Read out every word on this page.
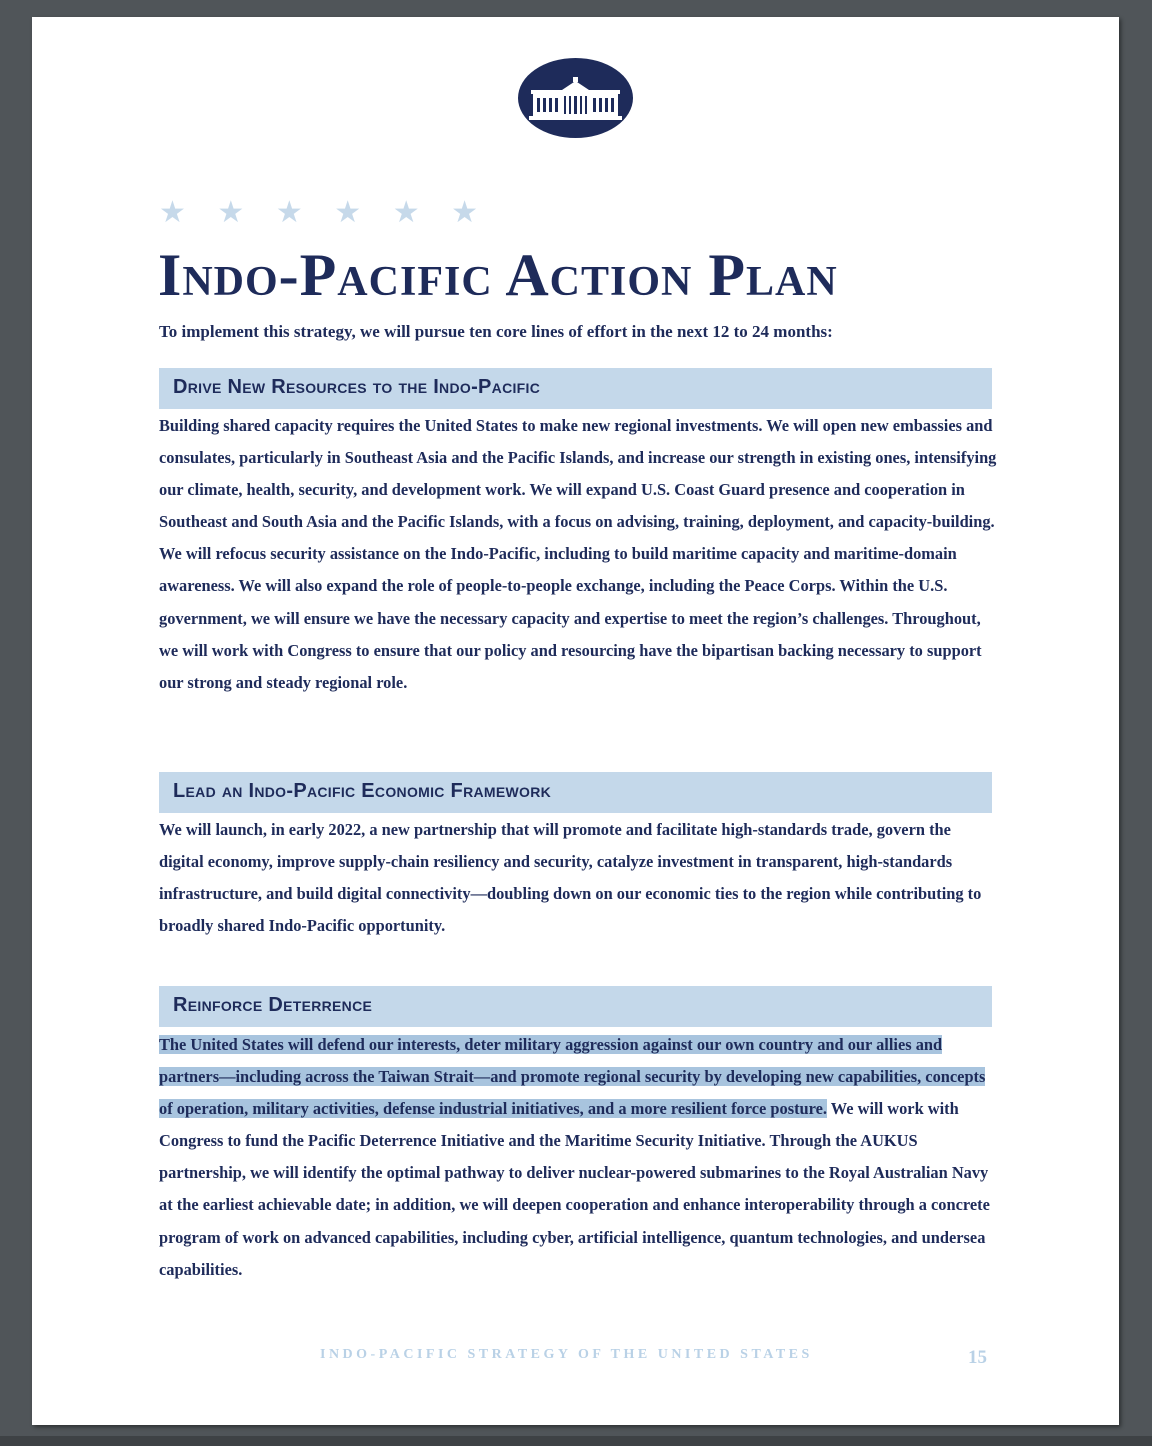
★ ★ ★ ★ ★ ★
Indo-Pacific Action Plan

To implement this strategy, we will pursue ten core lines of effort in the next 12 to 24 months:

Drive New Resources to the Indo-Pacific

Building shared capacity requires the United States to make new regional investments. We will open new embassies and consulates, particularly in Southeast Asia and the Pacific Islands, and increase our strength in existing ones, intensifying our climate, health, security, and development work. We will expand U.S. Coast Guard presence and cooperation in Southeast and South Asia and the Pacific Islands, with a focus on advising, training, deployment, and capacity-building. We will refocus security assistance on the Indo-Pacific, including to build maritime capacity and maritime-domain awareness. We will also expand the role of people-to-people exchange, including the Peace Corps. Within the U.S. government, we will ensure we have the necessary capacity and expertise to meet the region’s challenges. Throughout, we will work with Congress to ensure that our policy and resourcing have the bipartisan backing necessary to support our strong and steady regional role.

Lead an Indo-Pacific Economic Framework

We will launch, in early 2022, a new partnership that will promote and facilitate high-standards trade, govern the digital economy, improve supply-chain resiliency and security, catalyze investment in transparent, high-standards infrastructure, and build digital connectivity—doubling down on our economic ties to the region while contributing to broadly shared Indo-Pacific opportunity.

Reinforce Deterrence

The United States will defend our interests, deter military aggression against our own country and our allies and partners—including across the Taiwan Strait—and promote regional security by developing new capabilities, concepts of operation, military activities, defense industrial initiatives, and a more resilient force posture. We will work with Congress to fund the Pacific Deterrence Initiative and the Maritime Security Initiative. Through the AUKUS partnership, we will identify the optimal pathway to deliver nuclear-powered submarines to the Royal Australian Navy at the earliest achievable date; in addition, we will deepen cooperation and enhance interoperability through a concrete program of work on advanced capabilities, including cyber, artificial intelligence, quantum technologies, and undersea capabilities.

INDO-PACIFIC STRATEGY OF THE UNITED STATES	15
